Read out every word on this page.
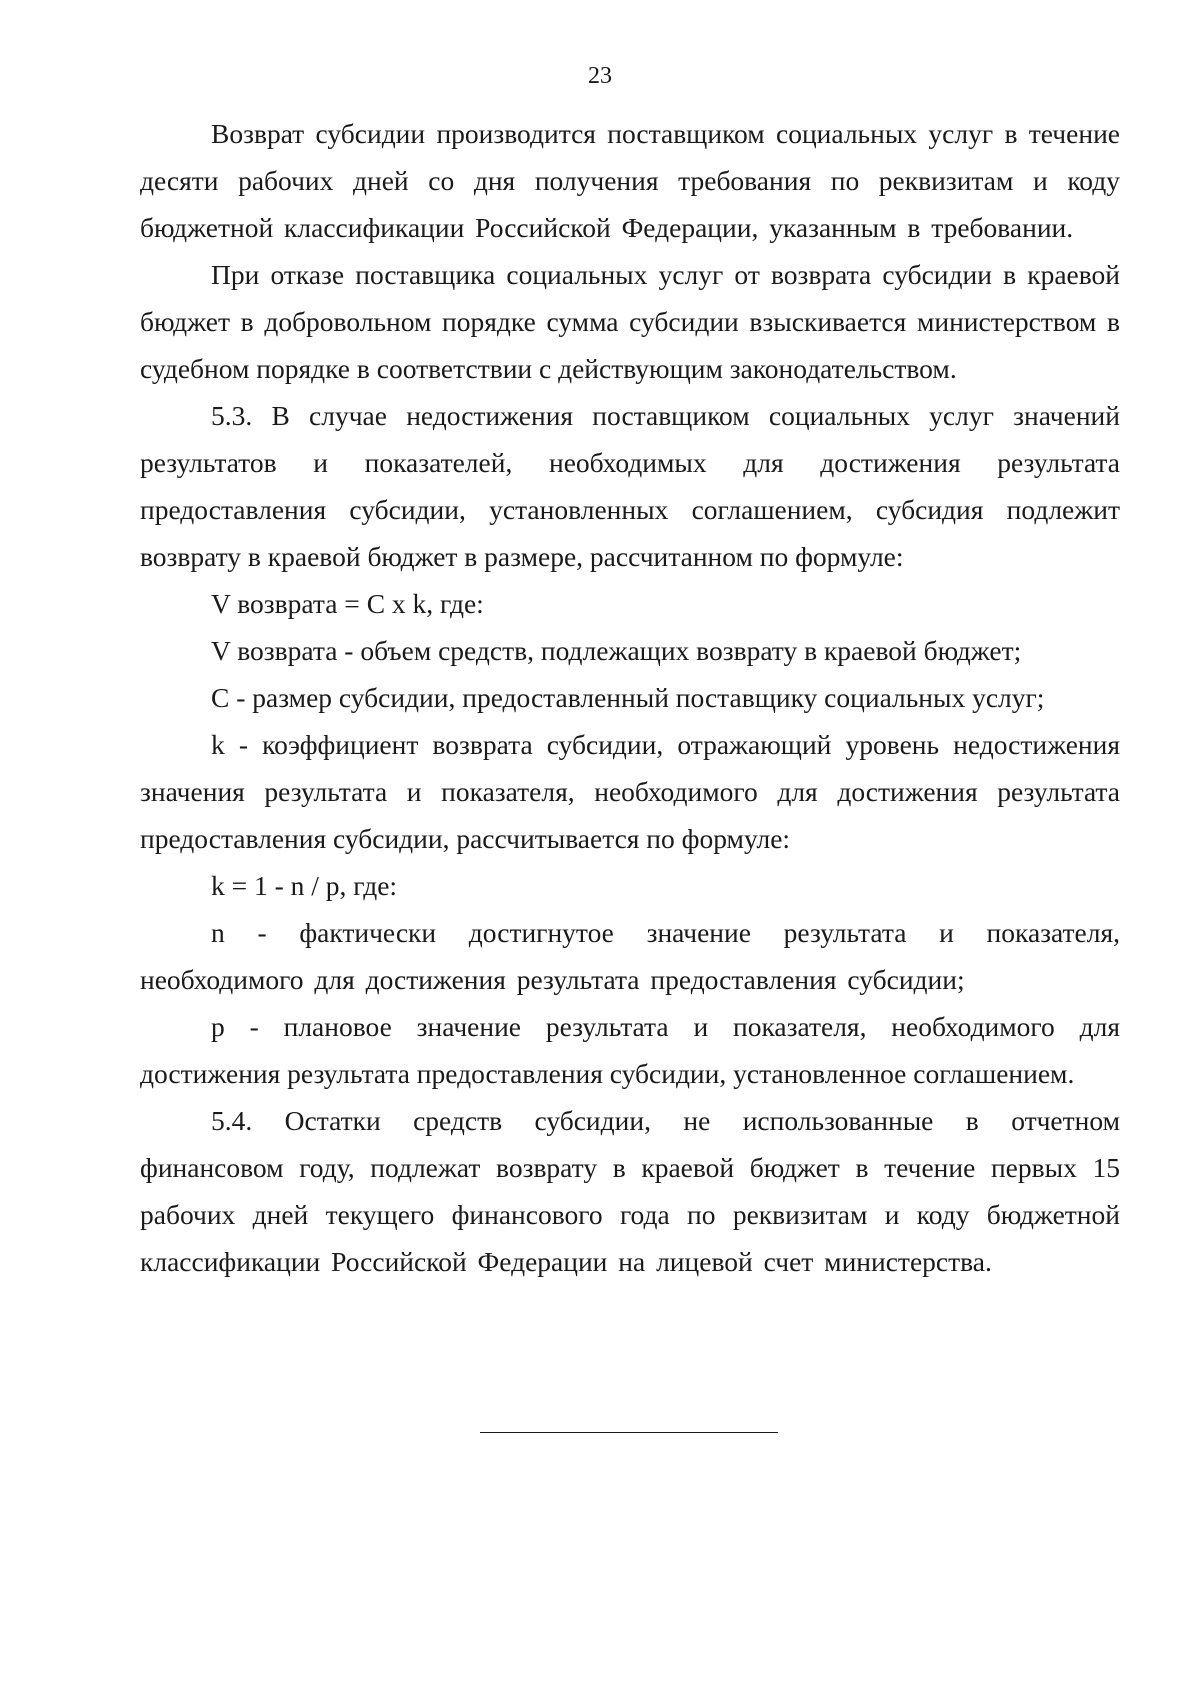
23

Возврат субсидии производится поставщиком социальных услуг в течение десяти рабочих дней со дня получения требования по реквизитам и коду бюджетной классификации Российской Федерации, указанным в требовании.

При отказе поставщика социальных услуг от возврата субсидии в краевой бюджет в добровольном порядке сумма субсидии взыскивается министерством в судебном порядке в соответствии с действующим законодательством.

5.3. В случае недостижения поставщиком социальных услуг значений результатов и показателей, необходимых для достижения результата предоставления субсидии, установленных соглашением, субсидия подлежит возврату в краевой бюджет в размере, рассчитанном по формуле:

V возврата = C x k, где:

V возврата - объем средств, подлежащих возврату в краевой бюджет;

C - размер субсидии, предоставленный поставщику социальных услуг;

k - коэффициент возврата субсидии, отражающий уровень недостижения значения результата и показателя, необходимого для достижения результата предоставления субсидии, рассчитывается по формуле:

k = 1 - n / p, где:

n - фактически достигнутое значение результата и показателя, необходимого для достижения результата предоставления субсидии;

p - плановое значение результата и показателя, необходимого для достижения результата предоставления субсидии, установленное соглашением.

5.4. Остатки средств субсидии, не использованные в отчетном финансовом году, подлежат возврату в краевой бюджет в течение первых 15 рабочих дней текущего финансового года по реквизитам и коду бюджетной классификации Российской Федерации на лицевой счет министерства.
